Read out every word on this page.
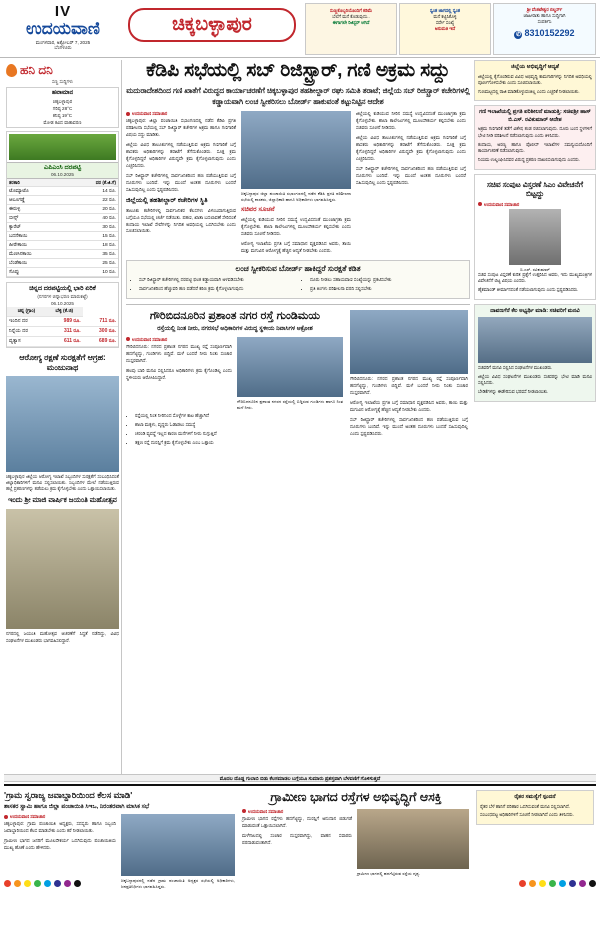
IV
ಉದಯವಾಣಿ
ಮಂಗಳವಾರ, ಅಕ್ಟೋಬರ್ 7, 2025
ಬೆಂಗಳೂರು
ಚಿಕ್ಕಬಳ್ಳಾಪುರ
ಸುಣ್ಣಕೊಬ್ಬರಿಯೊಂದಿಗೆ ಕಡಿಮೆ
ಬೆಲೆಗೆ ಮನೆ ಕೊಡುವುದು..
ಈಗಾಗಲೇ ರಿಜಿಸ್ಟರ್ ಆಗಿದೆ
ಸ್ವಂತ ಜಾಗದಲ್ಲಿ ಸ್ವಂತ
ಮನೆ ಕಟ್ಟಿಸಿಕೊಳ್ಳಿ
ಸರ್ವೇ ಸಂಖ್ಯೆ
ಅನುಮತಿ ಇದೆ
ಶ್ರೀ ವೆಂಕಟೇಶ್ವರ ಬಿಲ್ಡರ್ಸ್
ಜಾಹೀರಾತು ಹಾಗೂ ಸುದ್ದಿಗಾಗಿ
ಸಂಪರ್ಕಿಸಿ
✆ 8310152292
ಹನಿ ದನಿ
ಸಣ್ಣ ಸುದ್ದಿಗಳು
ಹವಾಮಾನ
ಚಿಕ್ಕಬಳ್ಳಾಪುರ
ಗರಿಷ್ಠ 28°C
ಕನಿಷ್ಠ 19°C
ಮೋಡ ಕವಿದ ವಾತಾವರಣ
ಎಪಿಎಂಸಿ ದರಪಟ್ಟಿ
06.10.2025
ತರಕಾರಿ	ದರ (ಕೆ.ಜಿ.ಗೆ)
ಟೊಮ್ಯಾಟೊ	14 ರೂ.
ಆಲೂಗಡ್ಡೆ	22 ರೂ.
ಈರುಳ್ಳಿ	20 ರೂ.
ಬೀನ್ಸ್	40 ರೂ.
ಕ್ಯಾರೆಟ್	30 ರೂ.
ಬದನೆಕಾಯಿ	15 ರೂ.
ಹೀರೇಕಾಯಿ	18 ರೂ.
ಮೆಣಸಿನಕಾಯಿ	35 ರೂ.
ಬೆಂಡೆಕಾಯಿ	25 ರೂ.
ಸೊಪ್ಪು	10 ರೂ.
ಚಿನ್ನದ ದರಪಟ್ಟಿಯಲ್ಲಿ ಭಾರಿ ಏರಿಕೆ
(ನಗರಗಳ ಚಿನ್ನಾಭರಣ ಮಾರುಕಟ್ಟೆ)
06.10.2025
ಚಿನ್ನ (ಗ್ರಾಂ)	ಬೆಳ್ಳಿ (ಕೆ.ಜಿ)	
ಇಂದಿನ ದರ	989 ರೂ.	711 ರೂ.
ನಿನ್ನೆಯ ದರ	311 ರೂ.	300 ರೂ.
ವ್ಯತ್ಯಾಸ	611 ರೂ.	689 ರೂ.
ಆರೋಗ್ಯ ರಕ್ಷಣೆ ಸುರಕ್ಷತೆಗೆ ಆಗ್ರಹ: ಮಂಜುನಾಥ
ಚಿಕ್ಕಬಳ್ಳಾಪುರ ಜಿಲ್ಲೆಯ ಆರೋಗ್ಯ ಇಲಾಖೆ ಸಿಬ್ಬಂದಿಗಳ ಸುರಕ್ಷತೆಗೆ ಸಂಬಂಧಿಸಿದಂತೆ ಜಿಲ್ಲಾಧಿಕಾರಿಗಳಿಗೆ ಮನವಿ ಸಲ್ಲಿಸಲಾಯಿತು. ಸಿಬ್ಬಂದಿಗಳ ಮೇಲೆ ನಡೆಯುತ್ತಿರುವ ಹಲ್ಲೆ ಪ್ರಕರಣಗಳನ್ನು ತಡೆಯಲು ಕ್ರಮ ಕೈಗೊಳ್ಳಬೇಕು ಎಂದು ಒತ್ತಾಯಿಸಲಾಯಿತು.
ಇಂದು ಶ್ರೀ ಮಾಜಿ ವಾರ್ಷಿಕ ಜಯಂತಿ ಮಹೋತ್ಸವ
ನಗರದಲ್ಲಿ ಜಯಂತಿ ಮಹೋತ್ಸವ ಆಚರಣೆಗೆ ಸಿದ್ಧತೆ ನಡೆದಿದ್ದು, ವಿವಿಧ ಸಂಘಟನೆಗಳ ಮುಖಂಡರು ಭಾಗವಹಿಸಲಿದ್ದಾರೆ.
ಕೆಡಿಪಿ ಸಭೆಯಲ್ಲಿ ಸಬ್‌ ರಿಜಿಸ್ಟ್ರಾರ್‌, ಗಣಿ ಅಕ್ರಮ ಸದ್ದು
ಮದುರಾದೇಶದಿಂದ ಗಣಿ ಖಾತೆಗೆ ವಿರುದ್ಧದ ಕಾರ್ಯಾಚರಣೆಗೆ ಚಿಕ್ಕಬಳ್ಳಾಪುರ ತಹಶೀಲ್ದಾರ್‌ ರಘು ಸಮಿತಿ ತರಾಟೆ; ಜಿಲ್ಲೆಯ ಸಬ್‌ ರಿಜಿಸ್ಟ್ರಾರ್‌ ಕಚೇರಿಗಳಲ್ಲಿ ಕಡ್ಡಾಯವಾಗಿ ಲಂಚ ಸ್ವೀಕರಿಸಲು ಬೋರ್ಡ್‌ ಹಾಕುವಂತೆ ಕಟ್ಟುನಿಟ್ಟಿನ ಆದೇಶ
ಉದಯವಾಣಿ ಸಮಾಚಾರ

ಚಿಕ್ಕಬಳ್ಳಾಪುರ: ಜಿಲ್ಲಾ ಪಂಚಾಯಿತಿ ಸಭಾಂಗಣದಲ್ಲಿ ನಡೆದ ಕೆಡಿಪಿ ಪ್ರಗತಿ ಪರಿಶೀಲನಾ ಸಭೆಯಲ್ಲಿ ಸಬ್‌ ರಿಜಿಸ್ಟ್ರಾರ್‌ ಕಚೇರಿಗಳ ಅಕ್ರಮ ಹಾಗೂ ಗಣಿಗಾರಿಕೆ ವಿಷಯ ಸದ್ದು ಮಾಡಿತು.

ಜಿಲ್ಲೆಯ ವಿವಿಧ ತಾಲೂಕುಗಳಲ್ಲಿ ನಡೆಯುತ್ತಿರುವ ಅಕ್ರಮ ಗಣಿಗಾರಿಕೆ ಬಗ್ಗೆ ಶಾಸಕರು ಅಧಿಕಾರಿಗಳನ್ನು ತರಾಟೆಗೆ ತೆಗೆದುಕೊಂಡರು. ಸೂಕ್ತ ಕ್ರಮ ಕೈಗೊಳ್ಳದಿದ್ದರೆ ಅಧಿಕಾರಿಗಳ ವಿರುದ್ಧವೇ ಕ್ರಮ ಕೈಗೊಳ್ಳಲಾಗುವುದು ಎಂದು ಎಚ್ಚರಿಸಿದರು.

ಸಬ್‌ ರಿಜಿಸ್ಟ್ರಾರ್‌ ಕಚೇರಿಗಳಲ್ಲಿ ಸಾರ್ವಜನಿಕರಿಂದ ಹಣ ಪಡೆಯುತ್ತಿರುವ ಬಗ್ಗೆ ದೂರುಗಳು ಬಂದಿವೆ. ಇನ್ನು ಮುಂದೆ ಅಂತಹ ದೂರುಗಳು ಬಂದರೆ ಸಹಿಸುವುದಿಲ್ಲ ಎಂದು ಸ್ಪಷ್ಟಪಡಿಸಿದರು.

ಜಿಲ್ಲೆಯಲ್ಲಿ ತಹಶೀಲ್ದಾರ್‌ ಕಚೇರಿಗಳ ಸ್ಥಿತಿ

ತಾಲೂಕು ಕಚೇರಿಗಳಲ್ಲಿ ಸಾರ್ವಜನಿಕರ ಕೆಲಸಗಳು ವಿಳಂಬವಾಗುತ್ತಿರುವ ಬಗ್ಗೆಯೂ ಸಭೆಯಲ್ಲಿ ಚರ್ಚೆ ನಡೆಯಿತು. ಪಹಣಿ, ಖಾತಾ ಬದಲಾವಣೆ ಸೇರಿದಂತೆ ಕಂದಾಯ ಇಲಾಖೆ ಸೇವೆಗಳನ್ನು ನಿಗದಿತ ಅವಧಿಯಲ್ಲಿ ಒದಗಿಸಬೇಕು ಎಂದು ಸೂಚಿಸಲಾಯಿತು.

ಚಿಕ್ಕಬಳ್ಳಾಪುರ ಜಿಲ್ಲಾ ಪಂಚಾಯಿತಿ ಸಭಾಂಗಣದಲ್ಲಿ ನಡೆದ ಕೆಡಿಪಿ ಪ್ರಗತಿ ಪರಿಶೀಲನಾ ಸಭೆಯಲ್ಲಿ ಶಾಸಕರು, ಜಿಲ್ಲಾಧಿಕಾರಿ ಹಾಗೂ ಅಧಿಕಾರಿಗಳು ಭಾಗವಹಿಸಿದ್ದರು.
ಸಚಿವರ ಸೂಚನೆ

ಜಿಲ್ಲೆಯಲ್ಲಿ ಕುಡಿಯುವ ನೀರಿನ ಸಮಸ್ಯೆ ಉದ್ಭವಿಸದಂತೆ ಮುಂಜಾಗ್ರತಾ ಕ್ರಮ ಕೈಗೊಳ್ಳಬೇಕು. ಶಾಲಾ ಕಾಲೇಜುಗಳಲ್ಲಿ ಮೂಲಸೌಕರ್ಯ ಕಲ್ಪಿಸಬೇಕು ಎಂದು ಸಚಿವರು ಸೂಚನೆ ನೀಡಿದರು.

ಆರೋಗ್ಯ ಇಲಾಖೆಯ ಪ್ರಗತಿ ಬಗ್ಗೆ ಸಮಾಧಾನ ವ್ಯಕ್ತಪಡಿಸಿದ ಅವರು, ತಾಯಿ ಮತ್ತು ಮಗುವಿನ ಆರೋಗ್ಯಕ್ಕೆ ಹೆಚ್ಚಿನ ಆದ್ಯತೆ ನೀಡಬೇಕು ಎಂದರು.

ಜಿಲ್ಲೆಯಲ್ಲಿ ಕುಡಿಯುವ ನೀರಿನ ಸಮಸ್ಯೆ ಉದ್ಭವಿಸದಂತೆ ಮುಂಜಾಗ್ರತಾ ಕ್ರಮ ಕೈಗೊಳ್ಳಬೇಕು. ಶಾಲಾ ಕಾಲೇಜುಗಳಲ್ಲಿ ಮೂಲಸೌಕರ್ಯ ಕಲ್ಪಿಸಬೇಕು ಎಂದು ಸಚಿವರು ಸೂಚನೆ ನೀಡಿದರು.

ಜಿಲ್ಲೆಯ ವಿವಿಧ ತಾಲೂಕುಗಳಲ್ಲಿ ನಡೆಯುತ್ತಿರುವ ಅಕ್ರಮ ಗಣಿಗಾರಿಕೆ ಬಗ್ಗೆ ಶಾಸಕರು ಅಧಿಕಾರಿಗಳನ್ನು ತರಾಟೆಗೆ ತೆಗೆದುಕೊಂಡರು. ಸೂಕ್ತ ಕ್ರಮ ಕೈಗೊಳ್ಳದಿದ್ದರೆ ಅಧಿಕಾರಿಗಳ ವಿರುದ್ಧವೇ ಕ್ರಮ ಕೈಗೊಳ್ಳಲಾಗುವುದು ಎಂದು ಎಚ್ಚರಿಸಿದರು.

ಸಬ್‌ ರಿಜಿಸ್ಟ್ರಾರ್‌ ಕಚೇರಿಗಳಲ್ಲಿ ಸಾರ್ವಜನಿಕರಿಂದ ಹಣ ಪಡೆಯುತ್ತಿರುವ ಬಗ್ಗೆ ದೂರುಗಳು ಬಂದಿವೆ. ಇನ್ನು ಮುಂದೆ ಅಂತಹ ದೂರುಗಳು ಬಂದರೆ ಸಹಿಸುವುದಿಲ್ಲ ಎಂದು ಸ್ಪಷ್ಟಪಡಿಸಿದರು.

ಲಂಚ ಸ್ವೀಕರಿಸುವ ಬೋರ್ಡ್‌ ಹಾಕಿದ್ದರೆ ಸುರಕ್ಷತೆ ಕಡಿತ
• ಸಬ್‌ ರಿಜಿಸ್ಟ್ರಾರ್‌ ಕಚೇರಿಗಳಲ್ಲಿ ದರಪಟ್ಟಿ ಫಲಕ ಕಡ್ಡಾಯವಾಗಿ ಅಳವಡಿಸಬೇಕು
• ಸಾರ್ವಜನಿಕರಿಂದ ಹೆಚ್ಚುವರಿ ಹಣ ಪಡೆದರೆ ಕಠಿಣ ಕ್ರಮ ಕೈಗೊಳ್ಳಲಾಗುವುದು
• ದೂರು ನೀಡಲು ಸಹಾಯವಾಣಿ ಸಂಖ್ಯೆಯನ್ನು ಪ್ರಕಟಿಸಬೇಕು
• ಪ್ರತಿ ತಿಂಗಳು ಪರಿಶೀಲನಾ ವರದಿ ಸಲ್ಲಿಸಬೇಕು
ಗೌರಿಬಿದನೂರಿನ ಪ್ರಶಾಂತ ನಗರ ರಸ್ತೆ ಗುಂಡಿಮಯ
ರಸ್ತೆಯಲ್ಲಿ ನಿಂತ ನೀರು, ನಗರಸಭೆ ಅಧಿಕಾರಿಗಳ ವಿರುದ್ಧ ಸ್ಥಳೀಯ ನಿವಾಸಿಗಳ ಆಕ್ರೋಶ
ಉದಯವಾಣಿ ಸಮಾಚಾರ

ಗೌರಿಬಿದನೂರು: ನಗರದ ಪ್ರಶಾಂತ ನಗರದ ಮುಖ್ಯ ರಸ್ತೆ ಸಂಪೂರ್ಣವಾಗಿ ಹದಗೆಟ್ಟಿದ್ದು, ಗುಂಡಿಗಳು ಬಿದ್ದಿವೆ. ಮಳೆ ಬಂದರೆ ನೀರು ನಿಂತು ಸಂಚಾರ ದುಸ್ತರವಾಗಿದೆ.

ಹಲವು ಬಾರಿ ಮನವಿ ಸಲ್ಲಿಸಿದರೂ ಅಧಿಕಾರಿಗಳು ಕ್ರಮ ಕೈಗೊಂಡಿಲ್ಲ ಎಂದು ಸ್ಥಳೀಯರು ಆರೋಪಿಸಿದ್ದಾರೆ.

ಗೌರಿಬಿದನೂರಿನ ಪ್ರಶಾಂತ ನಗರದ ರಸ್ತೆಯಲ್ಲಿ ಬಿದ್ದಿರುವ ಗುಂಡಿಗಳು ಹಾಗೂ ನಿಂತ ಮಳೆ ನೀರು.
• ರಸ್ತೆಯಲ್ಲಿ ನಿಂತ ನೀರಿನಿಂದ ಸೊಳ್ಳೆಗಳ ಕಾಟ ಹೆಚ್ಚಾಗಿದೆ
• ಶಾಲಾ ಮಕ್ಕಳು, ವೃದ್ಧರು ಓಡಾಡಲು ಸಮಸ್ಯೆ
• ಚರಂಡಿ ವ್ಯವಸ್ಥೆ ಇಲ್ಲದ ಕಾರಣ ಮನೆಗಳಿಗೆ ನೀರು ನುಗ್ಗುತ್ತಿದೆ
• ತಕ್ಷಣ ರಸ್ತೆ ದುರಸ್ತಿಗೆ ಕ್ರಮ ಕೈಗೊಳ್ಳಬೇಕು ಎಂಬ ಒತ್ತಾಯ

ಗೌರಿಬಿದನೂರು: ನಗರದ ಪ್ರಶಾಂತ ನಗರದ ಮುಖ್ಯ ರಸ್ತೆ ಸಂಪೂರ್ಣವಾಗಿ ಹದಗೆಟ್ಟಿದ್ದು, ಗುಂಡಿಗಳು ಬಿದ್ದಿವೆ. ಮಳೆ ಬಂದರೆ ನೀರು ನಿಂತು ಸಂಚಾರ ದುಸ್ತರವಾಗಿದೆ.

ಆರೋಗ್ಯ ಇಲಾಖೆಯ ಪ್ರಗತಿ ಬಗ್ಗೆ ಸಮಾಧಾನ ವ್ಯಕ್ತಪಡಿಸಿದ ಅವರು, ತಾಯಿ ಮತ್ತು ಮಗುವಿನ ಆರೋಗ್ಯಕ್ಕೆ ಹೆಚ್ಚಿನ ಆದ್ಯತೆ ನೀಡಬೇಕು ಎಂದರು.

ಸಬ್‌ ರಿಜಿಸ್ಟ್ರಾರ್‌ ಕಚೇರಿಗಳಲ್ಲಿ ಸಾರ್ವಜನಿಕರಿಂದ ಹಣ ಪಡೆಯುತ್ತಿರುವ ಬಗ್ಗೆ ದೂರುಗಳು ಬಂದಿವೆ. ಇನ್ನು ಮುಂದೆ ಅಂತಹ ದೂರುಗಳು ಬಂದರೆ ಸಹಿಸುವುದಿಲ್ಲ ಎಂದು ಸ್ಪಷ್ಟಪಡಿಸಿದರು.

ಜಿಲ್ಲೆಯ ಅಭಿವೃದ್ಧಿಗೆ ಆದ್ಯತೆ

ಜಿಲ್ಲೆಯಲ್ಲಿ ಕೈಗೊಂಡಿರುವ ವಿವಿಧ ಅಭಿವೃದ್ಧಿ ಕಾಮಗಾರಿಗಳನ್ನು ನಿಗದಿತ ಅವಧಿಯಲ್ಲಿ ಪೂರ್ಣಗೊಳಿಸಬೇಕು ಎಂದು ಸೂಚಿಸಲಾಯಿತು.

ಗುಣಮಟ್ಟದಲ್ಲಿ ರಾಜಿ ಮಾಡಿಕೊಳ್ಳುವಂತಿಲ್ಲ ಎಂದು ಎಚ್ಚರಿಕೆ ನೀಡಲಾಯಿತು.

ಗಣಿ ಇಲಾಖೆಯಲ್ಲಿ ಪ್ರಗತಿ ಪರಿಶೀಲನೆ ಮಾಡುತ್ತಿ: ಸಚಿವಶ್ರೀ ಹಾಸ್‌ ಬಿ.ಎಸ್‌. ರವಿಕುಮಾರ್‌ ಆದೇಶ

ಅಕ್ರಮ ಗಣಿಗಾರಿಕೆ ತಡೆಗೆ ವಿಶೇಷ ತಂಡ ರಚಿಸಲಾಗುವುದು. ದೂರು ಬಂದ ಸ್ಥಳಗಳಿಗೆ ಭೇಟಿ ನೀಡಿ ಪರಿಶೀಲನೆ ನಡೆಸಲಾಗುವುದು ಎಂದು ತಿಳಿಸಿದರು.

ಕಂದಾಯ, ಅರಣ್ಯ ಹಾಗೂ ಪೊಲೀಸ್‌ ಇಲಾಖೆಗಳ ಸಮನ್ವಯದೊಂದಿಗೆ ಕಾರ್ಯಾಚರಣೆ ನಡೆಸಲಾಗುವುದು.

ನಿಯಮ ಉಲ್ಲಂಘಿಸಿದವರ ವಿರುದ್ಧ ಪ್ರಕರಣ ದಾಖಲಿಸಲಾಗುವುದು ಎಂದರು.

ಸಚಿವ ಸಂಪುಟ ವಿಸ್ತರಣೆ ಸಿಎಂ ವಿವೇಚನೆಗೆ ಬಿಟ್ಟದ್ದು
ಉದಯವಾಣಿ ಸಮಾಚಾರ
ಬಿ.ಎಸ್‌. ರವಿಕುಮಾರ್‌

ಸಚಿವ ಸಂಪುಟ ವಿಸ್ತರಣೆ ಕುರಿತ ಪ್ರಶ್ನೆಗೆ ಉತ್ತರಿಸಿದ ಅವರು, ಇದು ಮುಖ್ಯಮಂತ್ರಿಗಳ ವಿವೇಚನೆಗೆ ಬಿಟ್ಟ ವಿಷಯ ಎಂದರು.

ಹೈಕಮಾಂಡ್‌ ತೀರ್ಮಾನದಂತೆ ನಡೆಯಲಾಗುವುದು ಎಂದು ಸ್ಪಷ್ಟಪಡಿಸಿದರು.

ದಾವಣಗೆರೆ ಕೆಲ ಅಭ್ಯರ್ಥಿ ಮಾಡಿ: ಸಚಿವರಿಗೆ ಮನವಿ

ಸಚಿವರಿಗೆ ಮನವಿ ಸಲ್ಲಿಸಿದ ಸಂಘಟನೆಗಳ ಮುಖಂಡರು.

ಜಿಲ್ಲೆಯ ವಿವಿಧ ಸಂಘಟನೆಗಳ ಮುಖಂಡರು ಸಚಿವರನ್ನು ಭೇಟಿ ಮಾಡಿ ಮನವಿ ಸಲ್ಲಿಸಿದರು.

ಬೇಡಿಕೆಗಳನ್ನು ಈಡೇರಿಸುವ ಭರವಸೆ ನೀಡಲಾಯಿತು.

ಮೊದಲ ದೊಡ್ಡ ಗುಲಾಬಿ ಬಿಡು ಕೆಲಸಮಾಡಲ ಬಗ್ಗೆಯೂ ಸುಮಾರು ಪ್ರಶಸ್ತವಾಗಿ ಬೆಳವಣಿಗೆ ಗೊಳಿಸುತ್ತದೆ
'ಗ್ರಾಮ ಸ್ವರಾಜ್ಯ ಜವಾಬ್ದಾರಿಯಿಂದ ಕೆಲಸ ಮಾಡಿ'
ಶಾಸಕರ ಸ್ವಾಮಿ ಹಾಗೂ ಜಿಲ್ಲಾ ಪಂಚಾಯಿತಿ ಸಿಇಒ, ನಿರಂತರವಾಗಿ ಮಾಸಿಕ ಸಭೆ
ಉದಯವಾಣಿ ಸಮಾಚಾರ

ಚಿಕ್ಕಬಳ್ಳಾಪುರ: ಗ್ರಾಮ ಪಂಚಾಯಿತಿ ಅಧ್ಯಕ್ಷರು, ಸದಸ್ಯರು ಹಾಗೂ ಸಿಬ್ಬಂದಿ ಜವಾಬ್ದಾರಿಯಿಂದ ಕೆಲಸ ಮಾಡಬೇಕು ಎಂದು ಕರೆ ನೀಡಲಾಯಿತು.

ಗ್ರಾಮೀಣ ಭಾಗದ ಜನರಿಗೆ ಮೂಲಸೌಕರ್ಯ ಒದಗಿಸುವುದು ಪಂಚಾಯಿತಿಯ ಮುಖ್ಯ ಹೊಣೆ ಎಂದು ಹೇಳಿದರು.

ಚಿಕ್ಕಬಳ್ಳಾಪುರದಲ್ಲಿ ನಡೆದ ಗ್ರಾಮ ಪಂಚಾಯಿತಿ ಅಧ್ಯಕ್ಷರ ಸಭೆಯಲ್ಲಿ ಅಧಿಕಾರಿಗಳು, ಜನಪ್ರತಿನಿಧಿಗಳು ಭಾಗವಹಿಸಿದ್ದರು.
ಗ್ರಾಮೀಣ ಭಾಗದ ರಸ್ತೆಗಳ ಅಭಿವೃದ್ಧಿಗೆ ಆಸಕ್ತಿ
ಉದಯವಾಣಿ ಸಮಾಚಾರ

ಗ್ರಾಮೀಣ ಭಾಗದ ರಸ್ತೆಗಳು ಹದಗೆಟ್ಟಿದ್ದು, ದುರಸ್ತಿಗೆ ಅನುದಾನ ಬಿಡುಗಡೆ ಮಾಡುವಂತೆ ಒತ್ತಾಯಿಸಲಾಗಿದೆ.

ಮಳೆಗಾಲದಲ್ಲಿ ಸಂಚಾರ ದುಸ್ತರವಾಗಿದ್ದು, ವಾಹನ ಸವಾರರು ಪರದಾಡುವಂತಾಗಿದೆ.

ಗ್ರಾಮೀಣ ಭಾಗದಲ್ಲಿ ಹದಗೆಟ್ಟಿರುವ ರಸ್ತೆಯ ದೃಶ್ಯ.
ರೈತರ ಸಮಸ್ಯೆಗೆ ಸ್ಪಂದನೆ

ರೈತರ ಬೆಳೆ ಹಾನಿಗೆ ಪರಿಹಾರ ಒದಗಿಸುವಂತೆ ಮನವಿ ಸಲ್ಲಿಸಲಾಗಿದೆ.

ಸಂಬಂಧಪಟ್ಟ ಅಧಿಕಾರಿಗಳಿಗೆ ಸೂಚನೆ ನೀಡಲಾಗಿದೆ ಎಂದು ತಿಳಿಸಿದರು.
